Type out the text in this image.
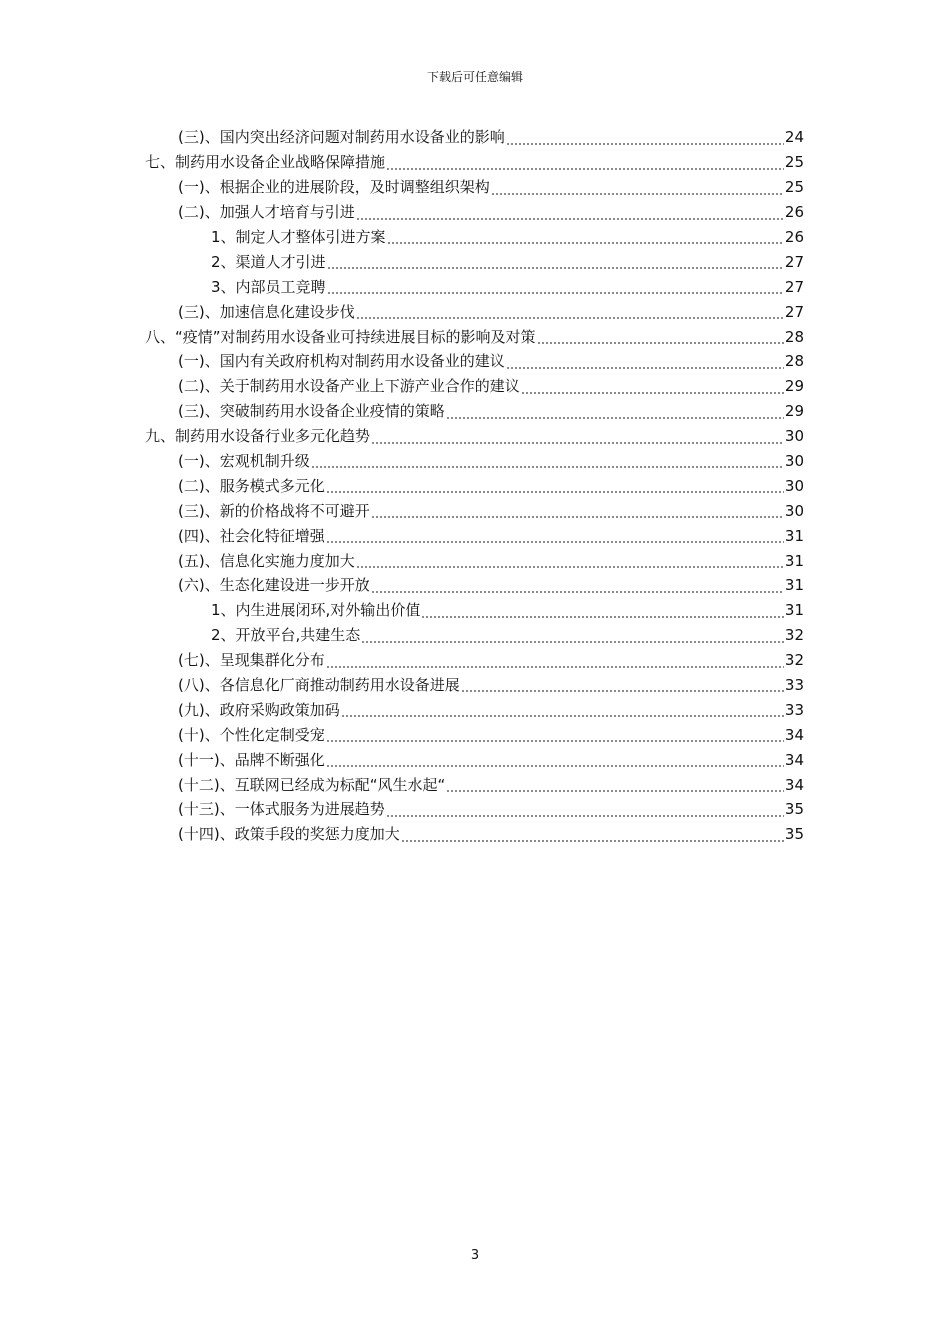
下载后可任意编辑
(三)、国内突出经济问题对制药用水设备业的影响	24
七、制药用水设备企业战略保障措施	25
(一)、根据企业的进展阶段，及时调整组织架构	25
(二)、加强人才培育与引进	26
1、制定人才整体引进方案	26
2、渠道人才引进	27
3、内部员工竞聘	27
(三)、加速信息化建设步伐	27
八、“疫情”对制药用水设备业可持续进展目标的影响及对策	28
(一)、国内有关政府机构对制药用水设备业的建议	28
(二)、关于制药用水设备产业上下游产业合作的建议	29
(三)、突破制药用水设备企业疫情的策略	29
九、制药用水设备行业多元化趋势	30
(一)、宏观机制升级	30
(二)、服务模式多元化	30
(三)、新的价格战将不可避开	30
(四)、社会化特征增强	31
(五)、信息化实施力度加大	31
(六)、生态化建设进一步开放	31
1、内生进展闭环,对外输出价值	31
2、开放平台,共建生态	32
(七)、呈现集群化分布	32
(八)、各信息化厂商推动制药用水设备进展	33
(九)、政府采购政策加码	33
(十)、个性化定制受宠	34
(十一)、品牌不断强化	34
(十二)、互联网已经成为标配“风生水起“	34
(十三)、一体式服务为进展趋势	35
(十四)、政策手段的奖惩力度加大	35
3
